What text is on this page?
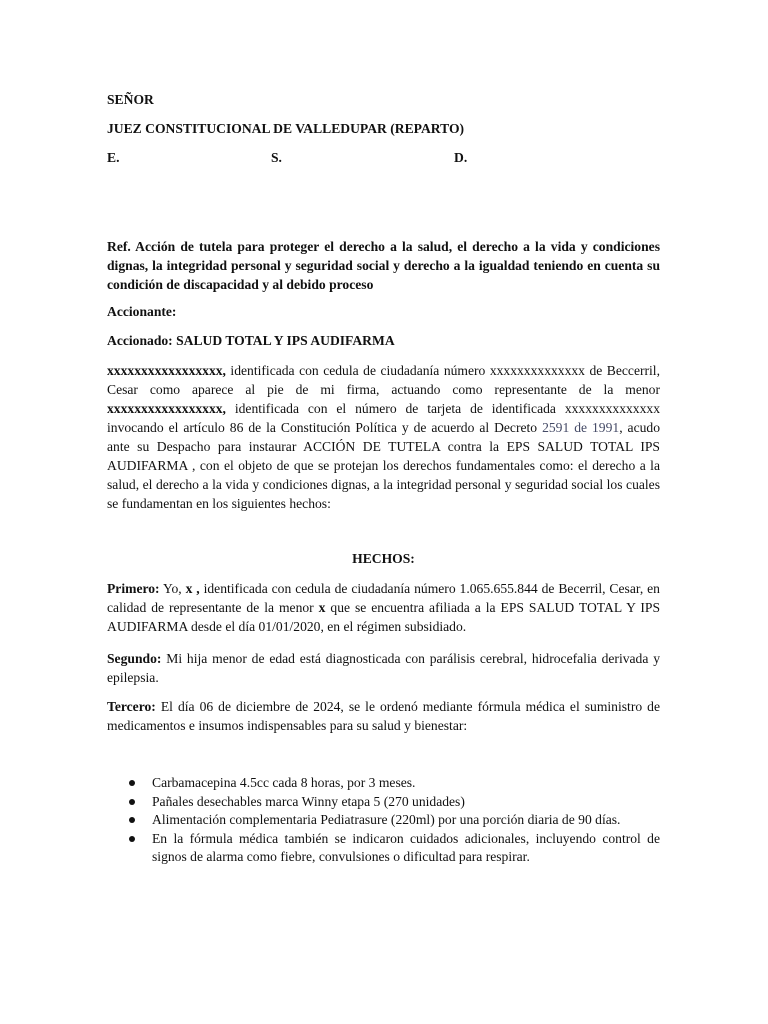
SEÑOR
JUEZ CONSTITUCIONAL DE VALLEDUPAR (REPARTO)
E.	S.	D.
Ref. Acción de tutela para proteger el derecho a la salud, el derecho a la vida y condiciones dignas, la integridad personal y seguridad social y derecho a la igualdad teniendo en cuenta su condición de discapacidad y al debido proceso
Accionante:
Accionado: SALUD TOTAL Y IPS AUDIFARMA
xxxxxxxxxxxxxxxxx, identificada con cedula de ciudadanía número xxxxxxxxxxxxxx de Beccerril, Cesar como aparece al pie de mi firma, actuando como representante de la menor xxxxxxxxxxxxxxxxx, identificada con el número de tarjeta de identificada xxxxxxxxxxxxxx invocando el artículo 86 de la Constitución Política y de acuerdo al Decreto 2591 de 1991, acudo ante su Despacho para instaurar ACCIÓN DE TUTELA contra la EPS SALUD TOTAL IPS AUDIFARMA , con el objeto de que se protejan los derechos fundamentales como: el derecho a la salud, el derecho a la vida y condiciones dignas, a la integridad personal y seguridad social los cuales se fundamentan en los siguientes hechos:
HECHOS:
Primero: Yo, x , identificada con cedula de ciudadanía número 1.065.655.844 de Becerril, Cesar, en calidad de representante de la menor x que se encuentra afiliada a la EPS SALUD TOTAL Y IPS AUDIFARMA desde el día 01/01/2020, en el régimen subsidiado.
Segundo: Mi hija menor de edad está diagnosticada con parálisis cerebral, hidrocefalia derivada y epilepsia.
Tercero: El día 06 de diciembre de 2024, se le ordenó mediante fórmula médica el suministro de medicamentos e insumos indispensables para su salud y bienestar:
Carbamacepina 4.5cc cada 8 horas, por 3 meses.
Pañales desechables marca Winny etapa 5 (270 unidades)
Alimentación complementaria Pediatrasure (220ml) por una porción diaria de 90 días.
En la fórmula médica también se indicaron cuidados adicionales, incluyendo control de signos de alarma como fiebre, convulsiones o dificultad para respirar.
